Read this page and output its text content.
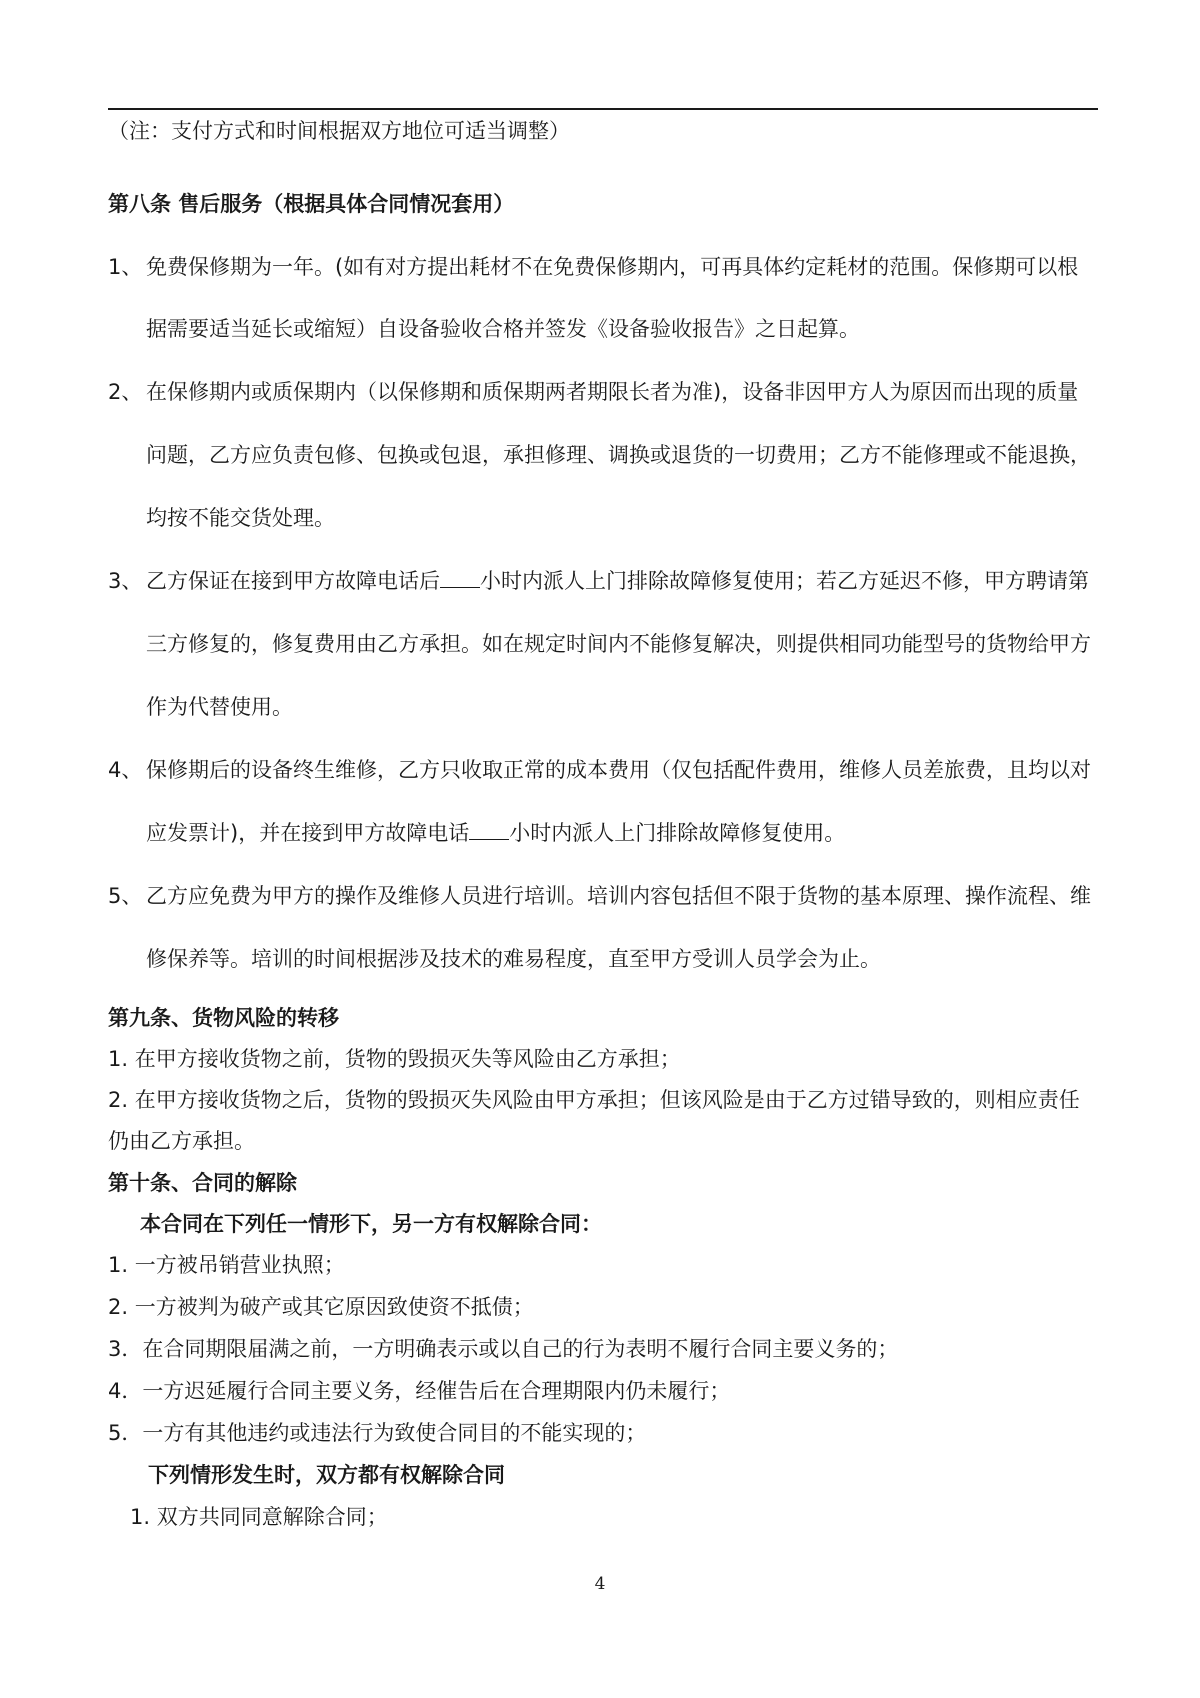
（注：支付方式和时间根据双方地位可适当调整）
第八条 售后服务（根据具体合同情况套用）
1、 免费保修期为一年。(如有对方提出耗材不在免费保修期内，可再具体约定耗材的范围。保修期可以根
据需要适当延长或缩短）自设备验收合格并签发《设备验收报告》之日起算。
2、 在保修期内或质保期内（以保修期和质保期两者期限长者为准)，设备非因甲方人为原因而出现的质量
问题，乙方应负责包修、包换或包退，承担修理、调换或退货的一切费用；乙方不能修理或不能退换，
均按不能交货处理。
3、 乙方保证在接到甲方故障电话后 小时内派人上门排除故障修复使用；若乙方延迟不修，甲方聘请第
三方修复的，修复费用由乙方承担。如在规定时间内不能修复解决，则提供相同功能型号的货物给甲方
作为代替使用。
4、 保修期后的设备终生维修，乙方只收取正常的成本费用（仅包括配件费用，维修人员差旅费，且均以对
应发票计)，并在接到甲方故障电话 小时内派人上门排除故障修复使用。
5、 乙方应免费为甲方的操作及维修人员进行培训。培训内容包括但不限于货物的基本原理、操作流程、维
修保养等。培训的时间根据涉及技术的难易程度，直至甲方受训人员学会为止。
第九条、货物风险的转移
1. 在甲方接收货物之前，货物的毁损灭失等风险由乙方承担；
2. 在甲方接收货物之后，货物的毁损灭失风险由甲方承担；但该风险是由于乙方过错导致的，则相应责任
仍由乙方承担。
第十条、合同的解除
本合同在下列任一情形下，另一方有权解除合同：
1. 一方被吊销营业执照；
2. 一方被判为破产或其它原因致使资不抵债；
3．在合同期限届满之前，一方明确表示或以自己的行为表明不履行合同主要义务的；
4．一方迟延履行合同主要义务，经催告后在合理期限内仍未履行；
5．一方有其他违约或违法行为致使合同目的不能实现的；
下列情形发生时，双方都有权解除合同
1. 双方共同同意解除合同；
4
